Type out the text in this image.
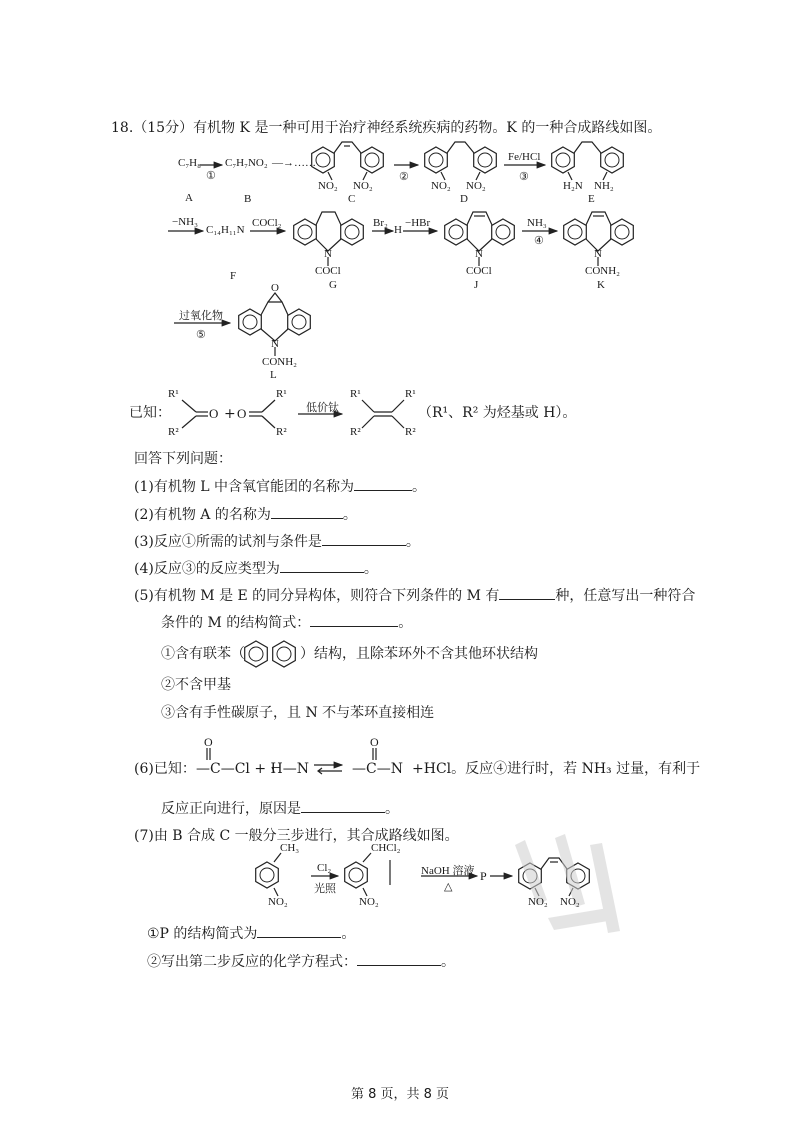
18.（15分）有机物 K 是一种可用于治疗神经系统疾病的药物。K 的一种合成路线如图。
C₇H₈
①
C₇H₇NO₂ —→……
②
Fe/HCl
③
NO₂ NO₂	NO₂ NO₂	H₂N NH₂
A	B	C	D	E
−NH₃
C₁₄H₁₁N
COCl₂
N
COCl
Br₂
H
−HBr
N
COCl
NH₃
④
N
CONH₂
F
G	J	K
过氧化物
⑤
O
N
CONH₂
L
已知：
R¹
R²
O + O
R¹
R²
低价钛
R¹
R²
R¹
R²
（R¹、R² 为烃基或 H）。
回答下列问题：
(1)有机物 L 中含氧官能团的名称为	。
(2)有机物 A 的名称为	。
(3)反应①所需的试剂与条件是	。
(4)反应③的反应类型为	。
(5)有机物 M 是 E 的同分异构体，则符合下列条件的 M 有	种，任意写出一种符合
条件的 M 的结构简式：	。
①含有联苯（	）结构，且除苯环外不含其他环状结构
②不含甲基
③含有手性碳原子，且 N 不与苯环直接相连
O	O
(6)已知： —C—Cl + H—N	—C—N +HCl。反应④进行时，若 NH₃ 过量，有利于
反应正向进行，原因是	。
(7)由 B 合成 C 一般分三步进行，其合成路线如图。
CH₃
NO₂
Cl₂
光照
CHCl₂
NO₂
NaOH 溶液
△
P
NO₂ NO₂
①P 的结构简式为	。
②写出第二步反应的化学方程式：	。
第 8 页，共 8 页
